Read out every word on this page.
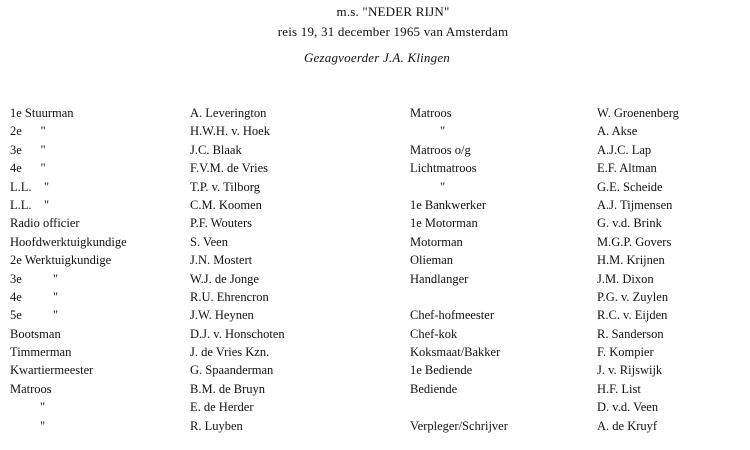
m.s. "NEDER RIJN"
reis 19, 31 december 1965 van Amsterdam
Gezagvoerder J.A. Klingen
1e Stuurman
2e      "
3e      "
4e      "
L.L.    "
L.L.    "
Radio officier
Hoofdwerktuigkundige
2e Werktuigkundige
3e          "
4e          "
5e          "
Bootsman
Timmerman
Kwartiermeester
Matroos
"
"
A. Leverington
H.W.H. v. Hoek
J.C. Blaak
F.V.M. de Vries
T.P. v. Tilborg
C.M. Koomen
P.F. Wouters
S. Veen
J.N. Mostert
W.J. de Jonge
R.U. Ehrencron
J.W. Heynen
D.J. v. Honschoten
J. de Vries Kzn.
G. Spaanderman
B.M. de Bruyn
E. de Herder
R. Luyben
Matroos
"
Matroos o/g
Lichtmatroos
"
1e Bankwerker
1e Motorman
Motorman
Olieman
Handlanger
Chef-hofmeester
Chef-kok
Koksmaat/Bakker
1e Bediende
Bediende
Verpleger/Schrijver
W. Groenenberg
A. Akse
A.J.C. Lap
E.F. Altman
G.E. Scheide
A.J. Tijmensen
G. v.d. Brink
M.G.P. Govers
H.M. Krijnen
J.M. Dixon
P.G. v. Zuylen
R.C. v. Eijden
R. Sanderson
F. Kompier
J. v. Rijswijk
H.F. List
D. v.d. Veen
A. de Kruyf
